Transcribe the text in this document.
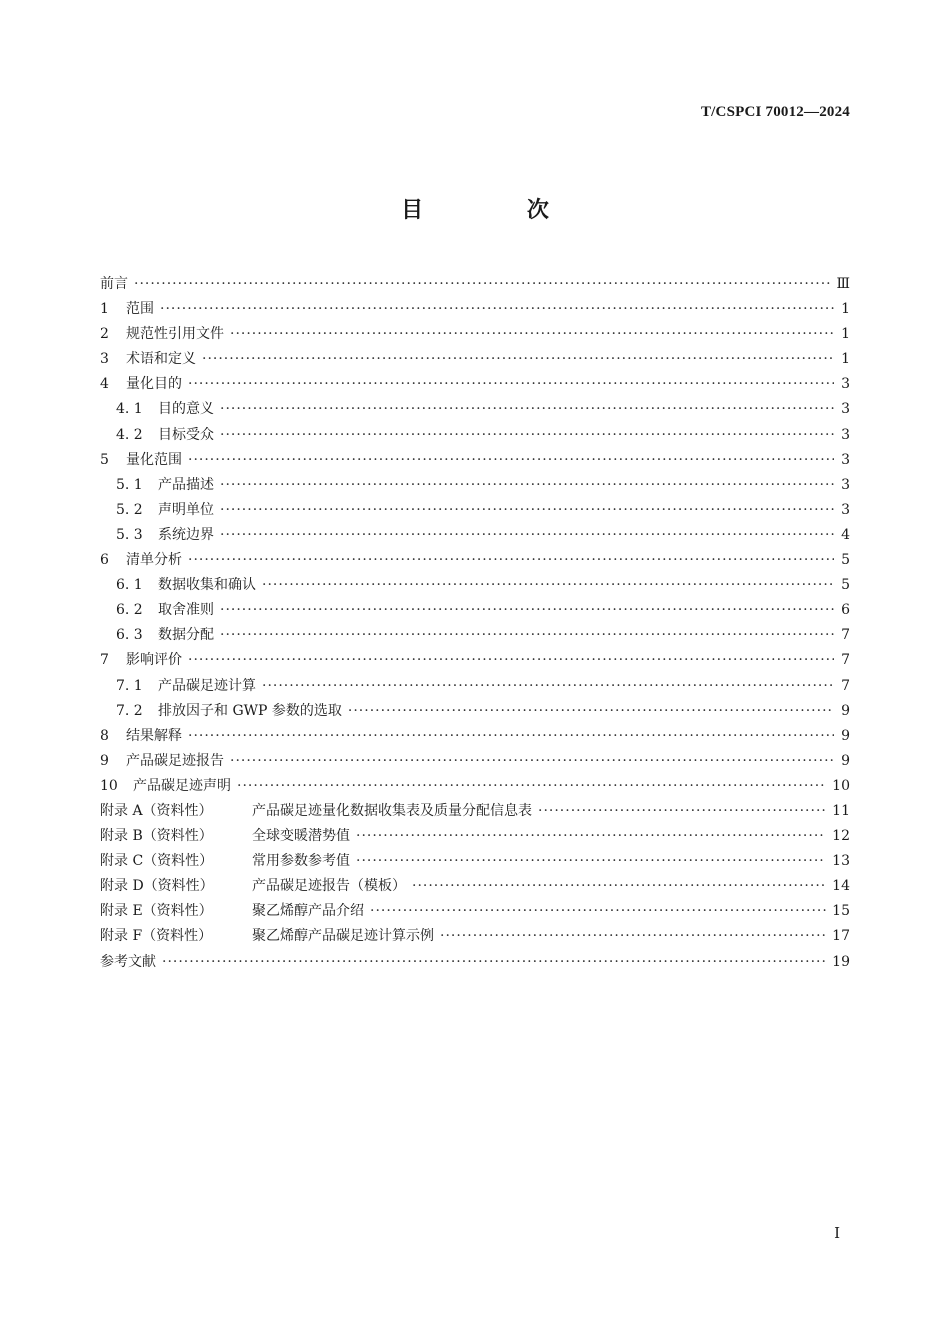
T/CSPCI 70012—2024
目 次
前言 ·····	Ⅲ
1 范围 ·····	1
2 规范性引用文件 ·····	1
3 术语和定义 ·····	1
4 量化目的 ·····	3
4. 1 目的意义 ·····	3
4. 2 目标受众 ·····	3
5 量化范围 ·····	3
5. 1 产品描述 ·····	3
5. 2 声明单位 ·····	3
5. 3 系统边界 ·····	4
6 清单分析 ·····	5
6. 1 数据收集和确认 ·····	5
6. 2 取舍准则 ·····	6
6. 3 数据分配 ·····	7
7 影响评价 ·····	7
7. 1 产品碳足迹计算 ·····	7
7. 2 排放因子和 GWP 参数的选取 ·····	9
8 结果解释 ·····	9
9 产品碳足迹报告 ·····	9
10 产品碳足迹声明 ·····	10
附录 A（资料性）	产品碳足迹量化数据收集表及质量分配信息表 ·····	11
附录 B（资料性）	全球变暖潜势值 ·····	12
附录 C（资料性）	常用参数参考值 ·····	13
附录 D（资料性）	产品碳足迹报告（模板） ·····	14
附录 E（资料性）	聚乙烯醇产品介绍 ·····	15
附录 F（资料性）	聚乙烯醇产品碳足迹计算示例 ·····	17
参考文献 ·····	19
Ⅰ
